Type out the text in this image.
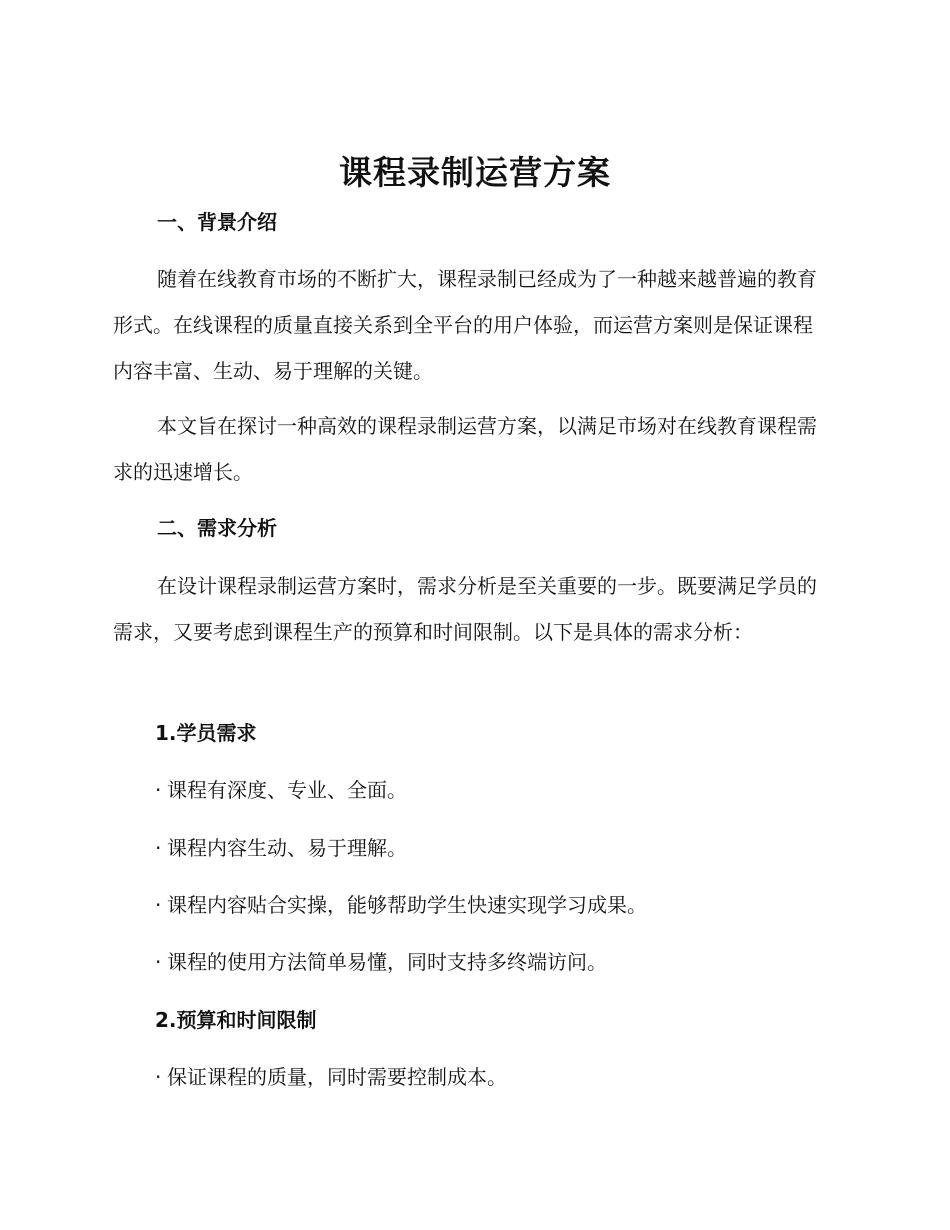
课程录制运营方案
一、背景介绍

随着在线教育市场的不断扩大，课程录制已经成为了一种越来越普遍的教育形式。在线课程的质量直接关系到全平台的用户体验，而运营方案则是保证课程内容丰富、生动、易于理解的关键。

本文旨在探讨一种高效的课程录制运营方案，以满足市场对在线教育课程需求的迅速增长。

二、需求分析

在设计课程录制运营方案时，需求分析是至关重要的一步。既要满足学员的需求，又要考虑到课程生产的预算和时间限制。以下是具体的需求分析：

1.学员需求
· 课程有深度、专业、全面。
· 课程内容生动、易于理解。
· 课程内容贴合实操，能够帮助学生快速实现学习成果。
· 课程的使用方法简单易懂，同时支持多终端访问。
2.预算和时间限制
· 保证课程的质量，同时需要控制成本。
